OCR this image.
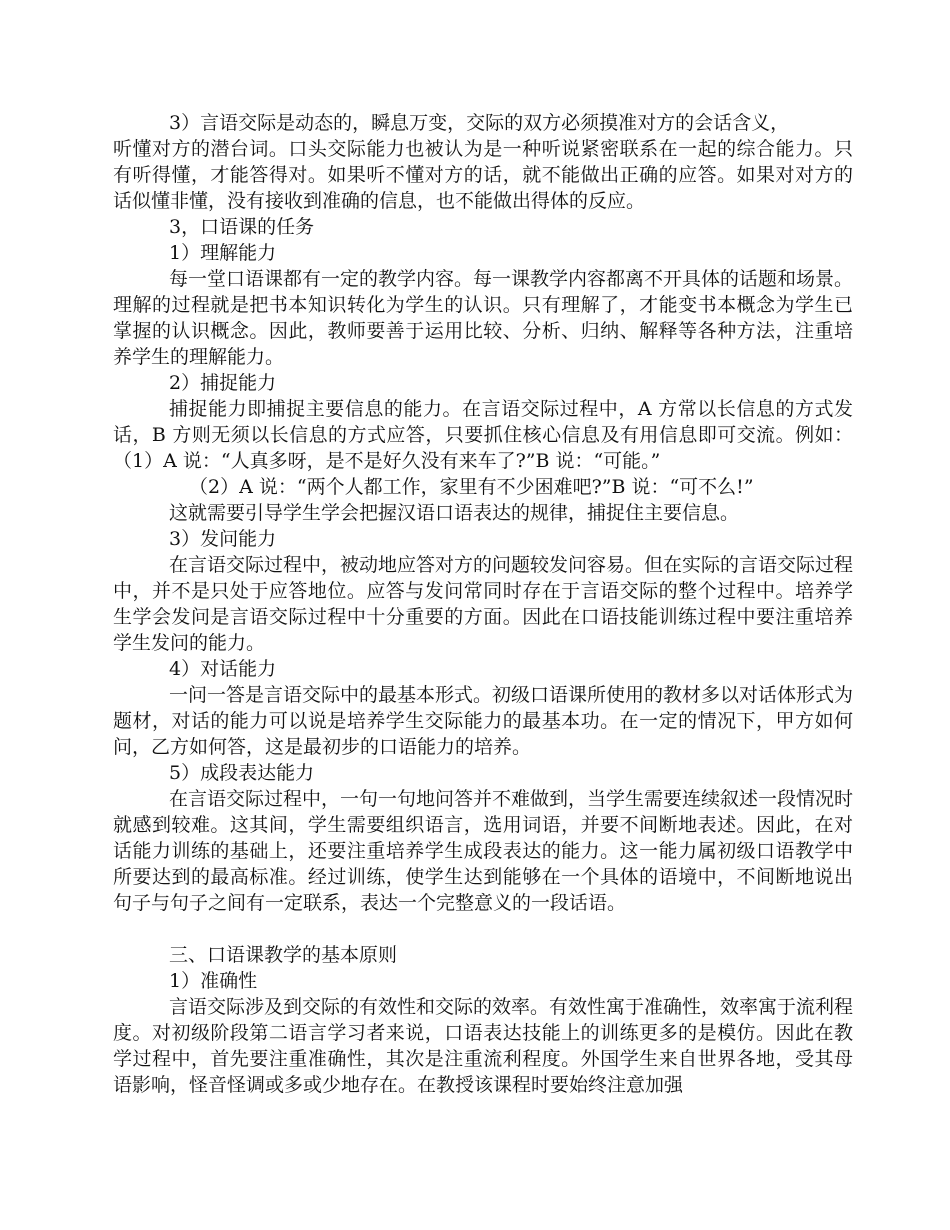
3）言语交际是动态的，瞬息万变，交际的双方必须摸准对方的会话含义，

听懂对方的潜台词。口头交际能力也被认为是一种听说紧密联系在一起的综合能力。只有听得懂，才能答得对。如果听不懂对方的话，就不能做出正确的应答。如果对对方的话似懂非懂，没有接收到准确的信息，也不能做出得体的反应。

3，口语课的任务

1）理解能力

每一堂口语课都有一定的教学内容。每一课教学内容都离不开具体的话题和场景。理解的过程就是把书本知识转化为学生的认识。只有理解了，才能变书本概念为学生已掌握的认识概念。因此，教师要善于运用比较、分析、归纳、解释等各种方法，注重培养学生的理解能力。

2）捕捉能力

捕捉能力即捕捉主要信息的能力。在言语交际过程中，A 方常以长信息的方式发话，B 方则无须以长信息的方式应答，只要抓住核心信息及有用信息即可交流。例如：（1）A 说：“人真多呀，是不是好久没有来车了?”B 说：“可能。”

（2）A 说：“两个人都工作，家里有不少困难吧?”B 说：“可不么!”

这就需要引导学生学会把握汉语口语表达的规律，捕捉住主要信息。

3）发问能力

在言语交际过程中，被动地应答对方的问题较发问容易。但在实际的言语交际过程中，并不是只处于应答地位。应答与发问常同时存在于言语交际的整个过程中。培养学生学会发问是言语交际过程中十分重要的方面。因此在口语技能训练过程中要注重培养学生发问的能力。

4）对话能力

一问一答是言语交际中的最基本形式。初级口语课所使用的教材多以对话体形式为题材，对话的能力可以说是培养学生交际能力的最基本功。在一定的情况下，甲方如何问，乙方如何答，这是最初步的口语能力的培养。

5）成段表达能力

在言语交际过程中，一句一句地问答并不难做到，当学生需要连续叙述一段情况时就感到较难。这其间，学生需要组织语言，选用词语，并要不间断地表述。因此，在对话能力训练的基础上，还要注重培养学生成段表达的能力。这一能力属初级口语教学中所要达到的最高标准。经过训练，使学生达到能够在一个具体的语境中，不间断地说出句子与句子之间有一定联系，表达一个完整意义的一段话语。

三、口语课教学的基本原则

1）准确性

言语交际涉及到交际的有效性和交际的效率。有效性寓于准确性，效率寓于流利程度。对初级阶段第二语言学习者来说，口语表达技能上的训练更多的是模仿。因此在教学过程中，首先要注重准确性，其次是注重流利程度。外国学生来自世界各地，受其母语影响，怪音怪调或多或少地存在。在教授该课程时要始终注意加强
